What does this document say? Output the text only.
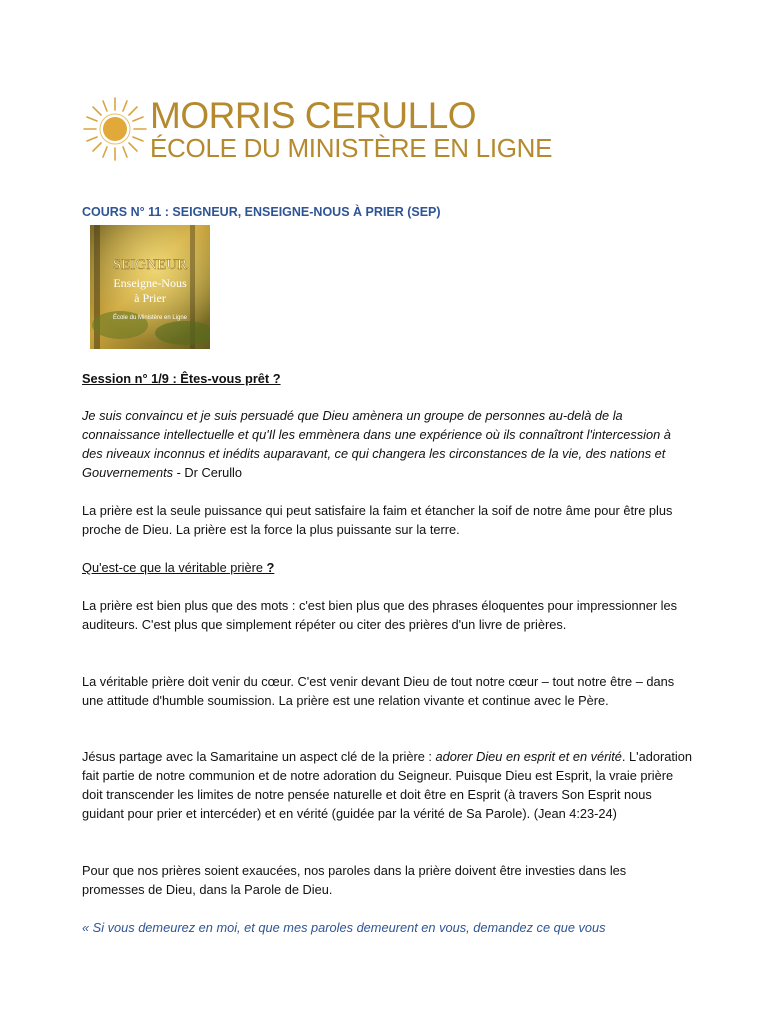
MORRIS CERULLO
ÉCOLE DU MINISTÈRE EN LIGNE
COURS N° 11 : SEIGNEUR, ENSEIGNE-NOUS À PRIER (SEP)
SEIGNEUR
Enseigne-Nous
à Prier
École du Ministère en Ligne
Session n° 1/9 : Êtes-vous prêt ?
Je suis convaincu et je suis persuadé que Dieu amènera un groupe de personnes au-delà de la connaissance intellectuelle et qu'Il les emmènera dans une expérience où ils connaîtront l'intercession à des niveaux inconnus et inédits auparavant, ce qui changera les circonstances de la vie, des nations et Gouvernements - Dr Cerullo
La prière est la seule puissance qui peut satisfaire la faim et étancher la soif de notre âme pour être plus proche de Dieu. La prière est la force la plus puissante sur la terre.
Qu'est-ce que la véritable prière ?
La prière est bien plus que des mots : c'est bien plus que des phrases éloquentes pour impressionner les auditeurs. C'est plus que simplement répéter ou citer des prières d'un livre de prières.
La véritable prière doit venir du cœur. C'est venir devant Dieu de tout notre cœur – tout notre être – dans une attitude d'humble soumission. La prière est une relation vivante et continue avec le Père.
Jésus partage avec la Samaritaine un aspect clé de la prière : adorer Dieu en esprit et en vérité. L'adoration fait partie de notre communion et de notre adoration du Seigneur. Puisque Dieu est Esprit, la vraie prière doit transcender les limites de notre pensée naturelle et doit être en Esprit (à travers Son Esprit nous guidant pour prier et intercéder) et en vérité (guidée par la vérité de Sa Parole). (Jean 4:23-24)
Pour que nos prières soient exaucées, nos paroles dans la prière doivent être investies dans les promesses de Dieu, dans la Parole de Dieu.
« Si vous demeurez en moi, et que mes paroles demeurent en vous, demandez ce que vous
